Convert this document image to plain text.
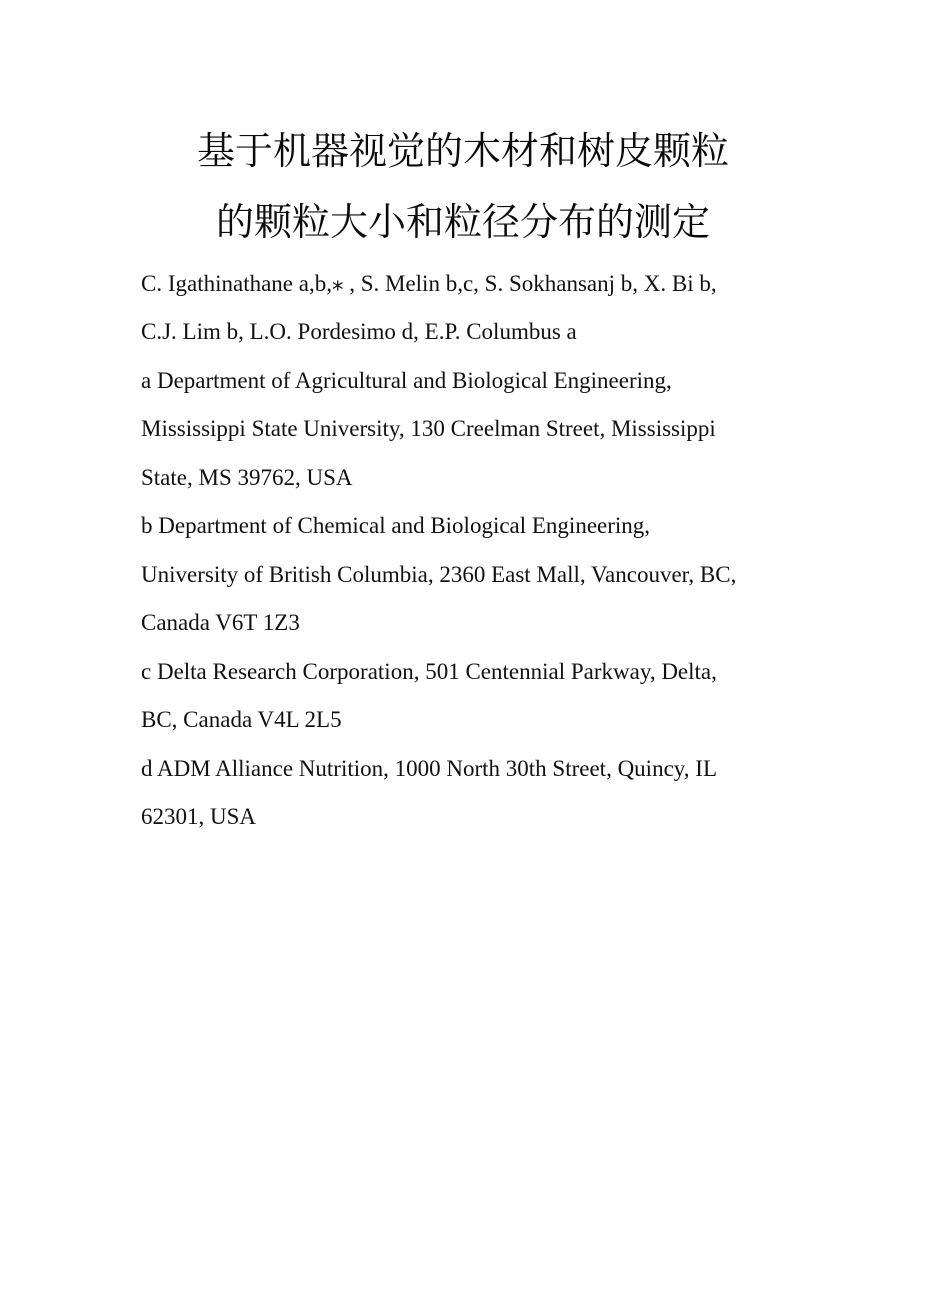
基于机器视觉的木材和树皮颗粒
的颗粒大小和粒径分布的测定
C. Igathinathane a,b,⁎ , S. Melin b,c, S. Sokhansanj b, X. Bi b,
C.J. Lim b, L.O. Pordesimo d, E.P. Columbus a
a Department of Agricultural and Biological Engineering,
Mississippi State University, 130 Creelman Street, Mississippi
State, MS 39762, USA
b Department of Chemical and Biological Engineering,
University of British Columbia, 2360 East Mall, Vancouver, BC,
Canada V6T 1Z3
c Delta Research Corporation, 501 Centennial Parkway, Delta,
BC, Canada V4L 2L5
d ADM Alliance Nutrition, 1000 North 30th Street, Quincy, IL
62301, USA
